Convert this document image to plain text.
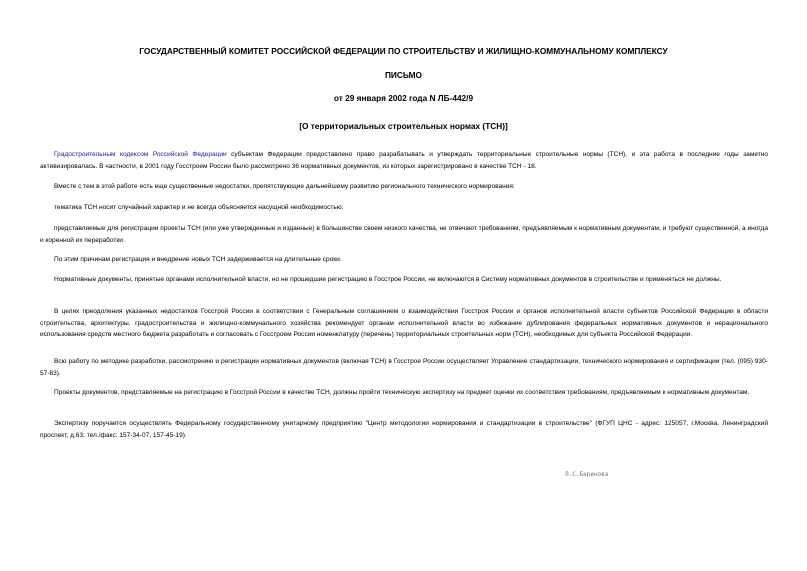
ГОСУДАРСТВЕННЫЙ КОМИТЕТ РОССИЙСКОЙ ФЕДЕРАЦИИ ПО СТРОИТЕЛЬСТВУ И ЖИЛИЩНО-КОММУНАЛЬНОМУ КОМПЛЕКСУ
ПИСЬМО
от 29 января 2002 года N ЛБ-442/9
[О территориальных строительных нормах (ТСН)]

Градостроительным кодексом Российской Федерации субъектам Федерации предоставлено право разрабатывать и утверждать территориальные строительные нормы (ТСН), и эта работа в последние годы заметно активизировалась. В частности, в 2001 году Госстроем России было рассмотрено 36 нормативных документов, из которых зарегистрировано в качестве ТСН - 18.

Вместе с тем в этой работе есть еще существенные недостатки, препятствующие дальнейшему развитию регионального технического нормирования:

тематика ТСН носит случайный характер и не всегда объясняется насущной необходимостью;

представляемые для регистрации проекты ТСН (или уже утвержденные и изданные) в большинстве своем низкого качества, не отвечают требованиям, предъявляемым к нормативным документам, и требуют существенной, а иногда и коренной их переработки.

По этим причинам регистрация и внедрение новых ТСН задерживается на длительные сроки.

Нормативные документы, принятые органами исполнительной власти, но не прошедшие регистрацию в Госстрое России, не включаются в Систему нормативных документов в строительстве и применяться не должны.

В целях преодоления указанных недостатков Госстрой России в соответствии с Генеральным соглашением о взаимодействии Госстроя России и органов исполнительной власти субъектов Российской Федерации в области строительства, архитектуры, градостроительства и жилищно-коммунального хозяйства рекомендует органам исполнительной власти во избежание дублирования федеральных нормативных документов и нерационального использования средств местного бюджета разработать и согласовать с Госстроем России номенклатуру (перечень) территориальных строительных норм (ТСН), необходимых для субъекта Российской Федерации.

Всю работу по методике разработки, рассмотрению и регистрации нормативных документов (включая ТСН) в Госстрое России осуществляет Управление стандартизации, технического нормирования и сертификации (тел. (095) 930-57-83).

Проекты документов, представляемые на регистрацию в Госстрой России в качестве ТСН, должны пройти техническую экспертизу на предмет оценки их соответствия требованиям, предъявляемым к нормативным документам.

Экспертизу поручается осуществлять Федеральному государственному унитарному предприятию "Центр методологии нормирования и стандартизации в строительстве" (ФГУП ЦНС - адрес: 125057, г.Москва, Ленинградский проспект, д.63; тел./факс: 157-34-07, 157-45-19).

Л.С.Баринова
